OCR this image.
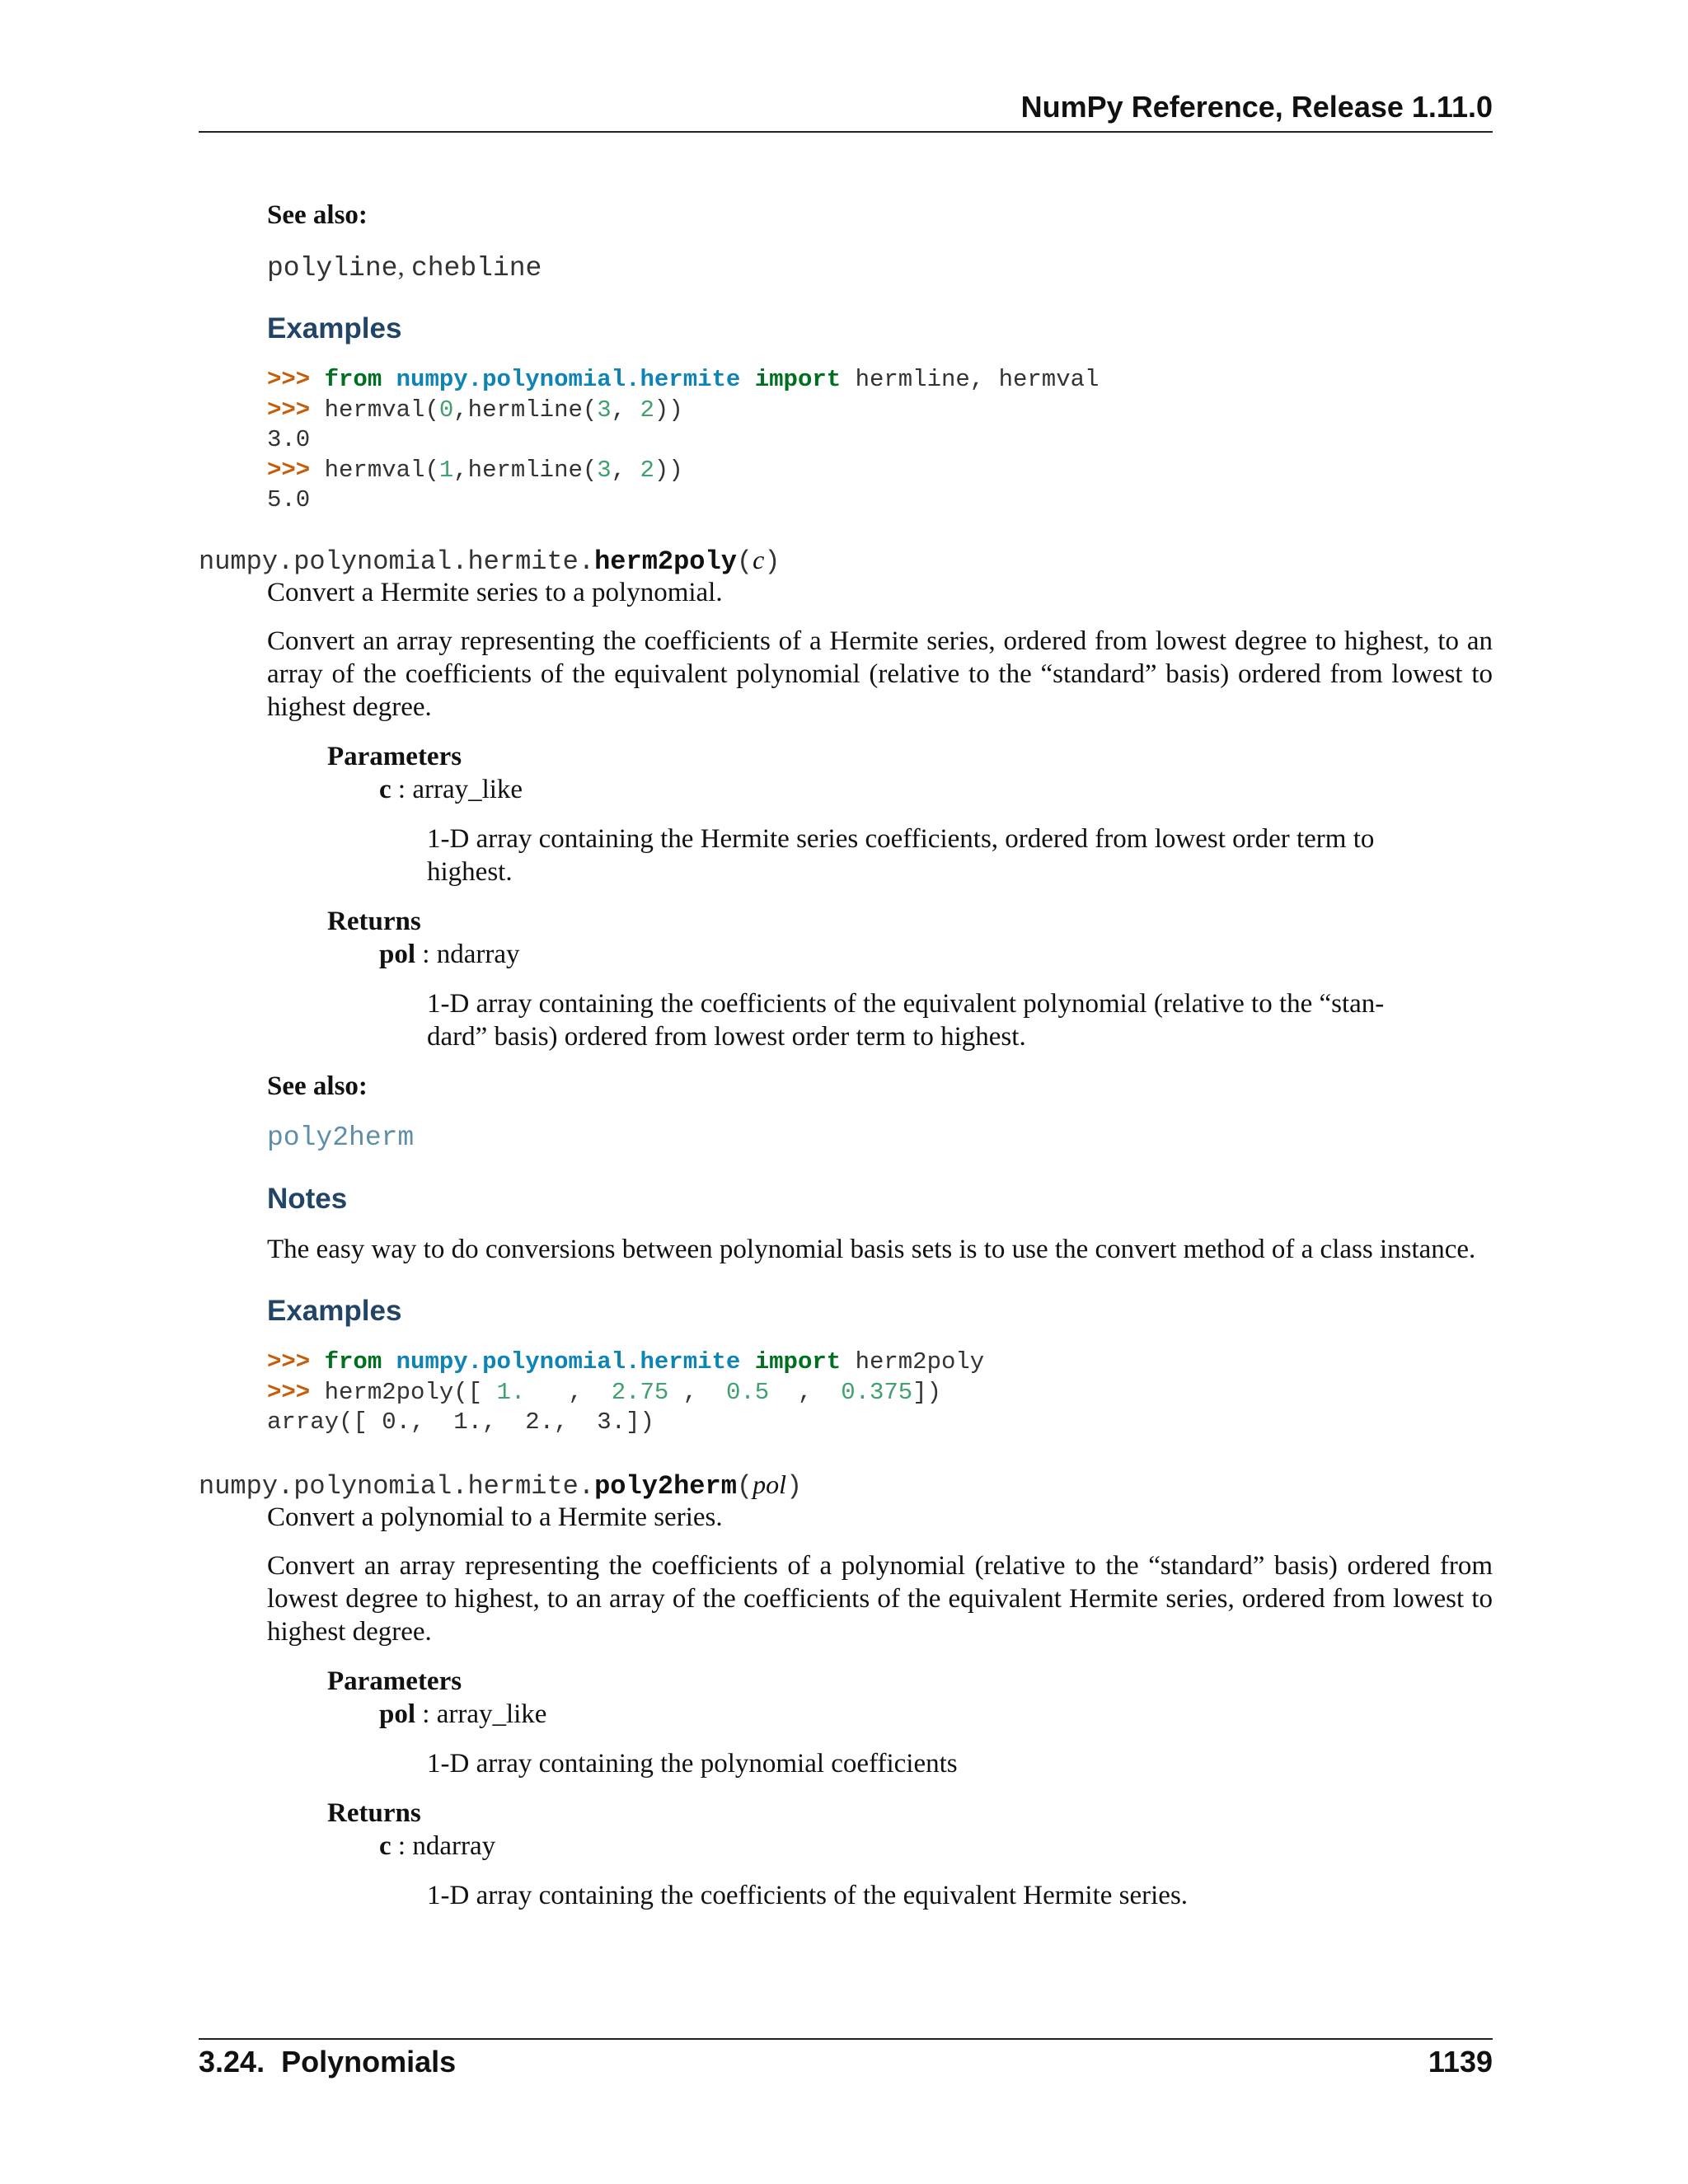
NumPy Reference, Release 1.11.0
See also:
polyline, chebline
Examples
>>> from numpy.polynomial.hermite import hermline, hermval
>>> hermval(0,hermline(3, 2))
3.0
>>> hermval(1,hermline(3, 2))
5.0
numpy.polynomial.hermite.herm2poly(c)
Convert a Hermite series to a polynomial.
Convert an array representing the coefficients of a Hermite series, ordered from lowest degree to highest, to an array of the coefficients of the equivalent polynomial (relative to the “standard” basis) ordered from lowest to highest degree.
Parameters
c : array_like
1-D array containing the Hermite series coefficients, ordered from lowest order term to highest.
Returns
pol : ndarray
1-D array containing the coefficients of the equivalent polynomial (relative to the “stan- dard” basis) ordered from lowest order term to highest.
See also:
poly2herm
Notes
The easy way to do conversions between polynomial basis sets is to use the convert method of a class instance.
Examples
>>> from numpy.polynomial.hermite import herm2poly
>>> herm2poly([ 1.   ,  2.75 ,  0.5  ,  0.375])
array([ 0.,  1.,  2.,  3.])
numpy.polynomial.hermite.poly2herm(pol)
Convert a polynomial to a Hermite series.
Convert an array representing the coefficients of a polynomial (relative to the “standard” basis) ordered from lowest degree to highest, to an array of the coefficients of the equivalent Hermite series, ordered from lowest to highest degree.
Parameters
pol : array_like
1-D array containing the polynomial coefficients
Returns
c : ndarray
1-D array containing the coefficients of the equivalent Hermite series.
3.24.  Polynomials	1139
